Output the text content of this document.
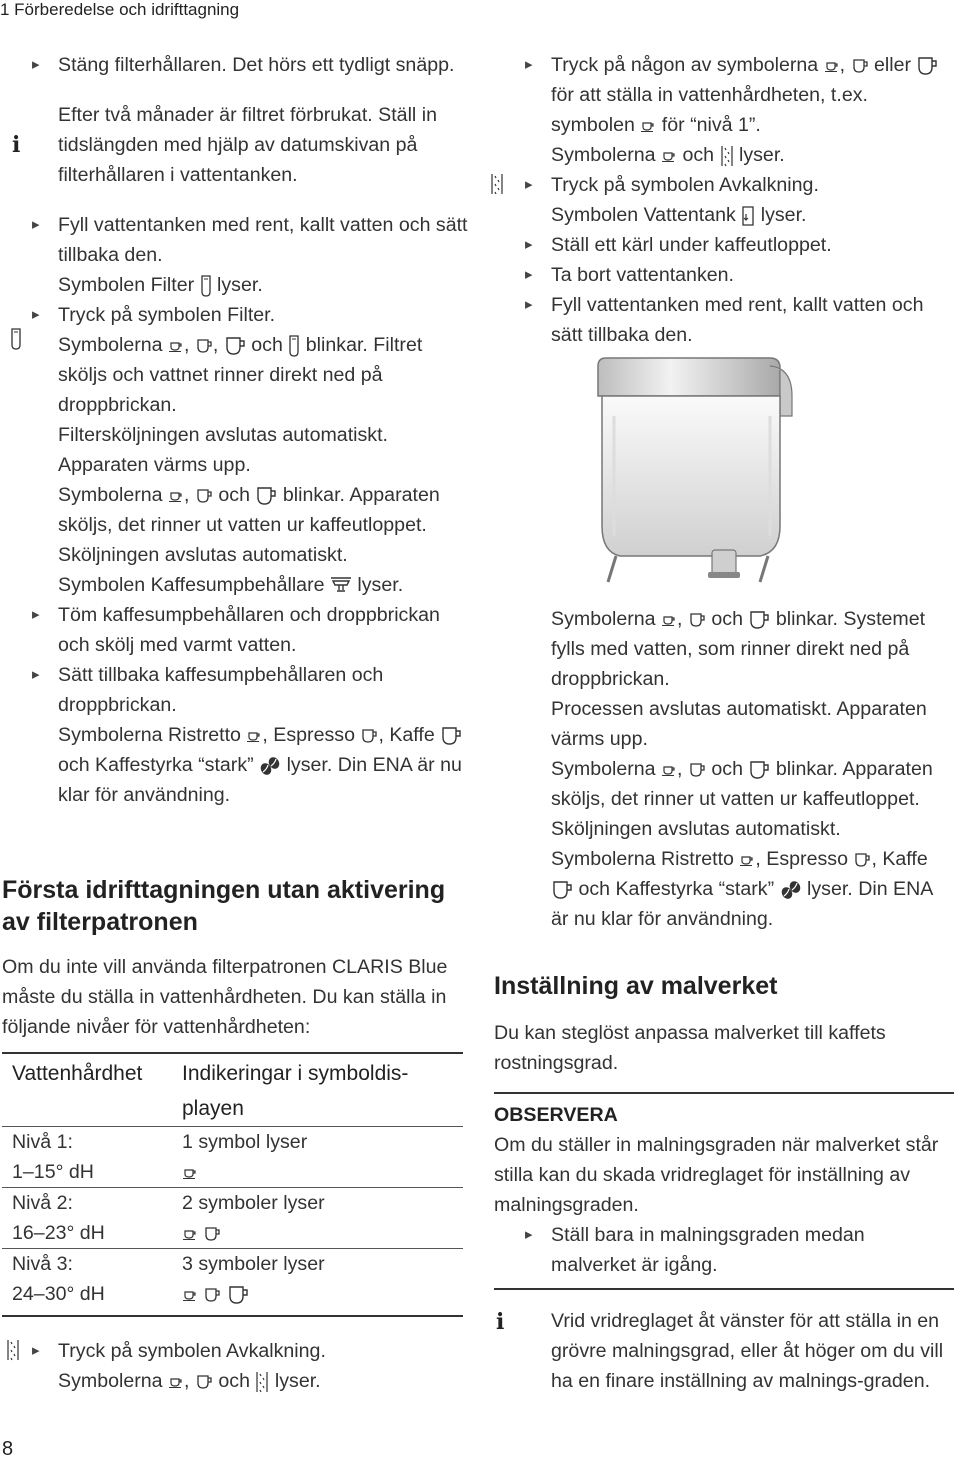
1 Förberedelse och idrifttagning
i
i

▸ Stäng filterhållaren. Det hörs ett tydligt snäpp.

Efter två månader är filtret förbrukat. Ställ in tidslängden med hjälp av datumskivan på filterhållaren i vattentanken.

▸ Fyll vattentanken med rent, kallt vatten och sätt tillbaka den.

Symbolen Filter lyser.

▸ Tryck på symbolen Filter.

Symbolerna , , och blinkar. Filtret sköljs och vattnet rinner direkt ned på droppbrickan.

Filtersköljningen avslutas automatiskt.

Apparaten värms upp.

Symbolerna , och blinkar. Apparaten sköljs, det rinner ut vatten ur kaffeutloppet.

Sköljningen avslutas automatiskt.

Symbolen Kaffesumpbehållare lyser.

▸ Töm kaffesumpbehållaren och droppbrickan och skölj med varmt vatten.

▸ Sätt tillbaka kaffesumpbehållaren och droppbrickan.

Symbolerna Ristretto , Espresso , Kaffe  och Kaffestyrka “stark” lyser. Din ENA är nu klar för användning.

Första idrifttagningen utan aktivering av filterpatronen
Om du inte vill använda filterpatronen CLARIS Blue måste du ställa in vattenhårdheten. Du kan ställa in följande nivåer för vattenhårdheten:
Vattenhårdhet	Indikeringar i symboldis-playen

Nivå 1:
1–15° dH	1 symbol lyser

Nivå 2:
16–23° dH	2 symboler lyser

Nivå 3:
24–30° dH	3 symboler lyser

▸ Tryck på symbolen Avkalkning.

Symbolerna , och lyser.

8

▸ Tryck på någon av symbolerna , eller  för att ställa in vattenhårdheten, t.ex.

symbolen för “nivå 1”.

Symbolerna och lyser.

▸ Tryck på symbolen Avkalkning.

Symbolen Vattentank lyser.

▸ Ställ ett kärl under kaffeutloppet.

▸ Ta bort vattentanken.

▸ Fyll vattentanken med rent, kallt vatten och sätt tillbaka den.

Symbolerna , och blinkar. Systemet fylls med vatten, som rinner direkt ned på droppbrickan.

Processen avslutas automatiskt. Apparaten värms upp.

Symbolerna , och blinkar. Apparaten sköljs, det rinner ut vatten ur kaffeutloppet.

Sköljningen avslutas automatiskt.

Symbolerna Ristretto , Espresso , Kaffe  och Kaffestyrka “stark” lyser. Din ENA är nu klar för användning.

Inställning av malverket
Du kan steglöst anpassa malverket till kaffets rostningsgrad.
OBSERVERA
Om du ställer in malningsgraden när malverket står stilla kan du skada vridreglaget för inställning av malningsgraden.

▸ Ställ bara in malningsgraden medan malverket är igång.

Vrid vridreglaget åt vänster för att ställa in en grövre malningsgrad, eller åt höger om du vill ha en finare inställning av malnings-graden.
